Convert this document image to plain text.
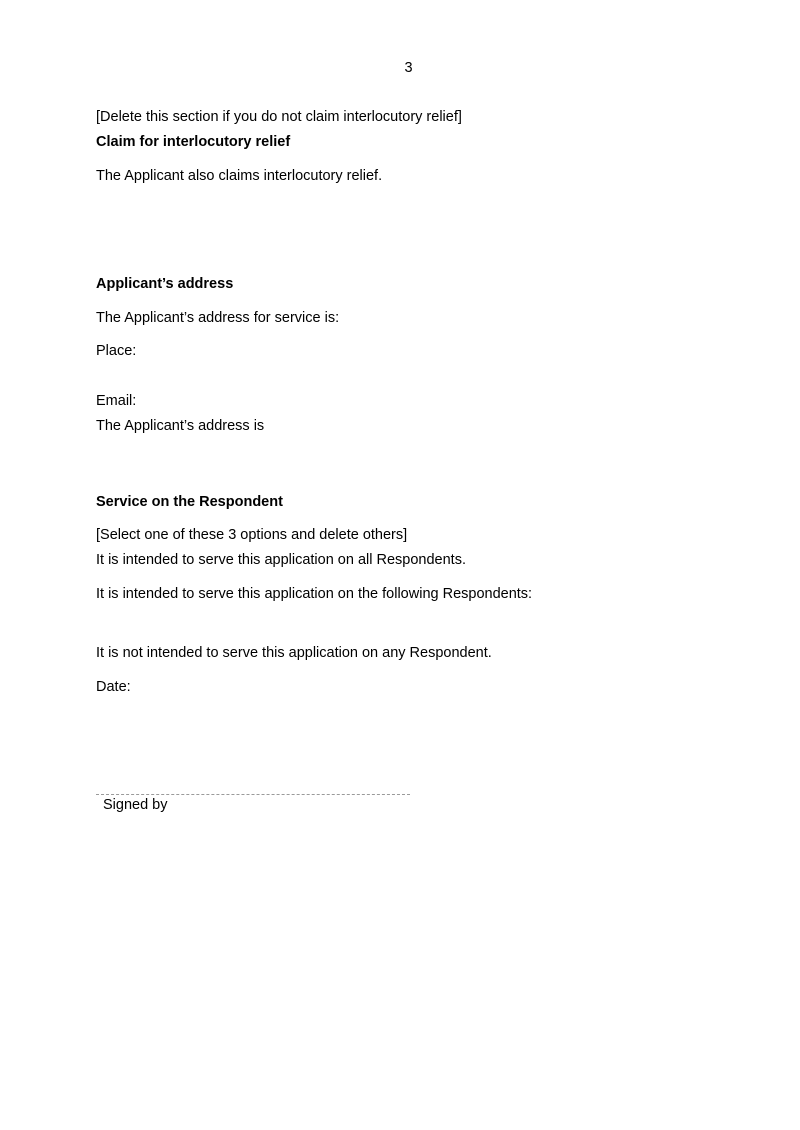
3
[Delete this section if you do not claim interlocutory relief]
Claim for interlocutory relief
The Applicant also claims interlocutory relief.
Applicant’s address
The Applicant’s address for service is:
Place:
Email:
The Applicant’s address is
Service on the Respondent
[Select one of these 3 options and delete others]
It is intended to serve this application on all Respondents.
It is intended to serve this application on the following Respondents:
It is not intended to serve this application on any Respondent.
Date:
Signed by
